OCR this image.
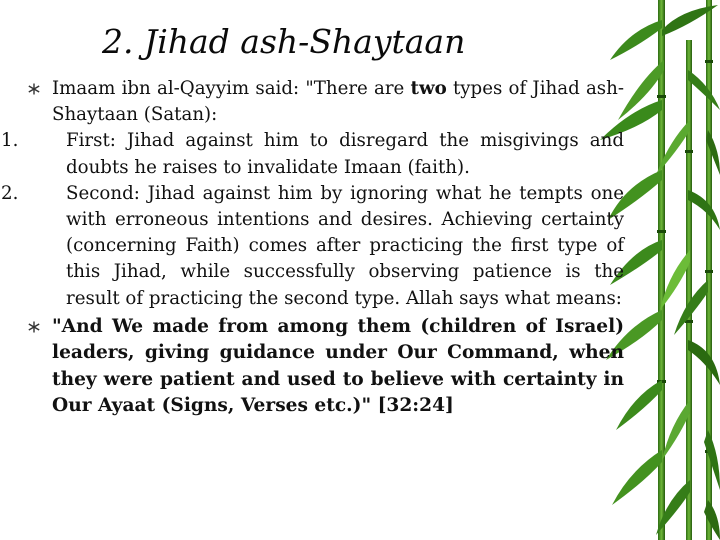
2. Jihad ash-Shaytaan
Imaam ibn al-Qayyim said: "There are two types of Jihad ash-Shaytaan (Satan):
1.	First: Jihad against him to disregard the misgivings and doubts he raises to invalidate Imaan (faith).
2.	Second: Jihad against him by ignoring what he tempts one with erroneous intentions and desires. Achieving certainty (concerning Faith) comes after practicing the first type of this Jihad, while successfully observing patience is the result of practicing the second type. Allah says what means:
"And We made from among them (children of Israel) leaders, giving guidance under Our Command, when they were patient and used to believe with certainty in Our Ayaat (Signs, Verses etc.)" [32:24]
